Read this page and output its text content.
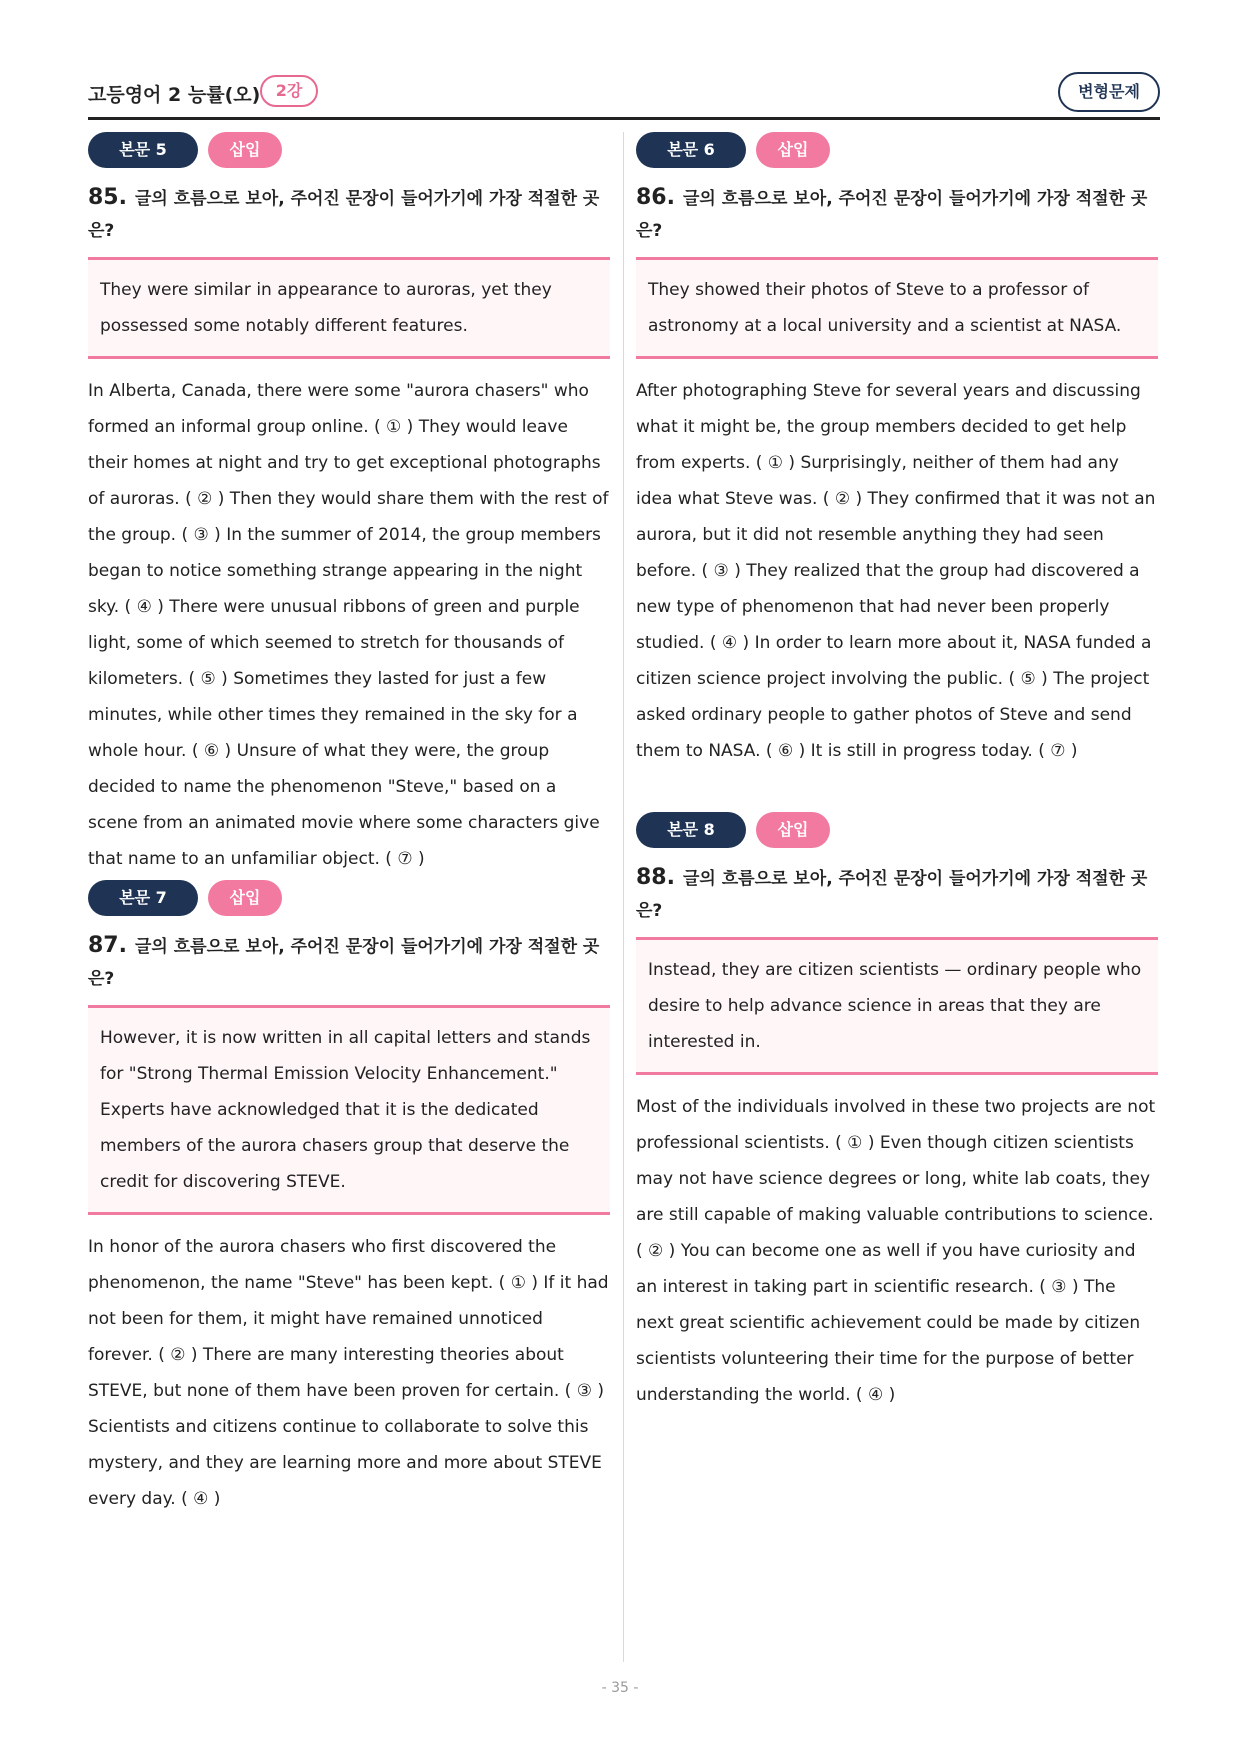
고등영어 2 능률(오) 2강	변형문제
본문 5	삽입
85. 글의 흐름으로 보아, 주어진 문장이 들어가기에 가장 적절한 곳은?
They were similar in appearance to auroras, yet they possessed some notably different features.
In Alberta, Canada, there were some "aurora chasers" who formed an informal group online. ( ① ) They would leave their homes at night and try to get exceptional photographs of auroras. ( ② ) Then they would share them with the rest of the group. ( ③ ) In the summer of 2014, the group members began to notice something strange appearing in the night sky. ( ④ ) There were unusual ribbons of green and purple light, some of which seemed to stretch for thousands of kilometers. ( ⑤ ) Sometimes they lasted for just a few minutes, while other times they remained in the sky for a whole hour. ( ⑥ ) Unsure of what they were, the group decided to name the phenomenon "Steve," based on a scene from an animated movie where some characters give that name to an unfamiliar object. ( ⑦ )
본문 7	삽입
87. 글의 흐름으로 보아, 주어진 문장이 들어가기에 가장 적절한 곳은?
However, it is now written in all capital letters and stands for "Strong Thermal Emission Velocity Enhancement." Experts have acknowledged that it is the dedicated members of the aurora chasers group that deserve the credit for discovering STEVE.
In honor of the aurora chasers who first discovered the phenomenon, the name "Steve" has been kept. ( ① ) If it had not been for them, it might have remained unnoticed forever. ( ② ) There are many interesting theories about STEVE, but none of them have been proven for certain. ( ③ ) Scientists and citizens continue to collaborate to solve this mystery, and they are learning more and more about STEVE every day. ( ④ )
본문 6	삽입
86. 글의 흐름으로 보아, 주어진 문장이 들어가기에 가장 적절한 곳은?
They showed their photos of Steve to a professor of astronomy at a local university and a scientist at NASA.
After photographing Steve for several years and discussing what it might be, the group members decided to get help from experts. ( ① ) Surprisingly, neither of them had any idea what Steve was. ( ② ) They confirmed that it was not an aurora, but it did not resemble anything they had seen before. ( ③ ) They realized that the group had discovered a new type of phenomenon that had never been properly studied. ( ④ ) In order to learn more about it, NASA funded a citizen science project involving the public. ( ⑤ ) The project asked ordinary people to gather photos of Steve and send them to NASA. ( ⑥ ) It is still in progress today. ( ⑦ )
본문 8	삽입
88. 글의 흐름으로 보아, 주어진 문장이 들어가기에 가장 적절한 곳은?
Instead, they are citizen scientists — ordinary people who desire to help advance science in areas that they are interested in.
Most of the individuals involved in these two projects are not professional scientists. ( ① ) Even though citizen scientists may not have science degrees or long, white lab coats, they are still capable of making valuable contributions to science. ( ② ) You can become one as well if you have curiosity and an interest in taking part in scientific research. ( ③ ) The next great scientific achievement could be made by citizen scientists volunteering their time for the purpose of better understanding the world. ( ④ )
- 35 -
